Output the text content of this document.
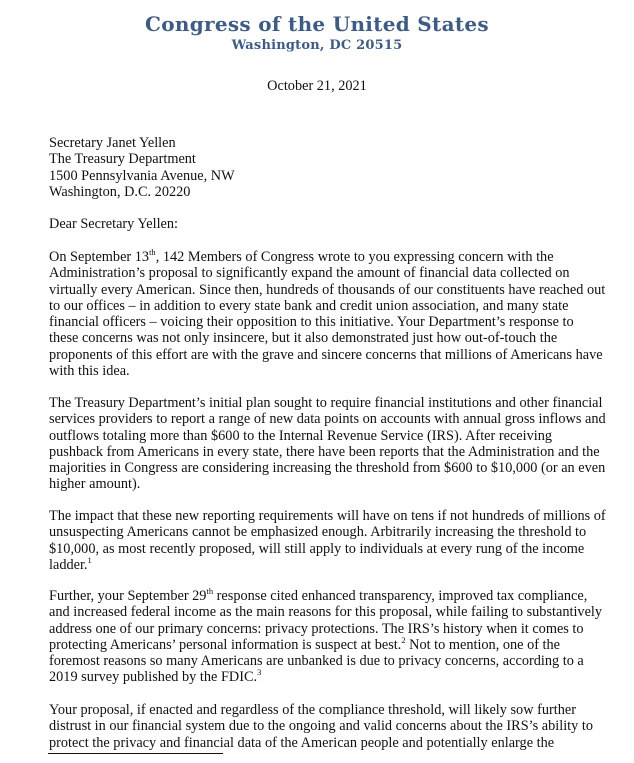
Congress of the United States
Washington, DC 20515
October 21, 2021
Secretary Janet Yellen
The Treasury Department
1500 Pennsylvania Avenue, NW
Washington, D.C. 20220
Dear Secretary Yellen:
On September 13th, 142 Members of Congress wrote to you expressing concern with the
Administration’s proposal to significantly expand the amount of financial data collected on
virtually every American. Since then, hundreds of thousands of our constituents have reached out
to our offices – in addition to every state bank and credit union association, and many state
financial officers – voicing their opposition to this initiative. Your Department’s response to
these concerns was not only insincere, but it also demonstrated just how out-of-touch the
proponents of this effort are with the grave and sincere concerns that millions of Americans have
with this idea.
The Treasury Department’s initial plan sought to require financial institutions and other financial
services providers to report a range of new data points on accounts with annual gross inflows and
outflows totaling more than $600 to the Internal Revenue Service (IRS). After receiving
pushback from Americans in every state, there have been reports that the Administration and the
majorities in Congress are considering increasing the threshold from $600 to $10,000 (or an even
higher amount).
The impact that these new reporting requirements will have on tens if not hundreds of millions of
unsuspecting Americans cannot be emphasized enough. Arbitrarily increasing the threshold to
$10,000, as most recently proposed, will still apply to individuals at every rung of the income
ladder.$^1$
Further, your September 29th response cited enhanced transparency, improved tax compliance,
and increased federal income as the main reasons for this proposal, while failing to substantively
address one of our primary concerns: privacy protections. The IRS’s history when it comes to
protecting Americans’ personal information is suspect at best.$^2$ Not to mention, one of the
foremost reasons so many Americans are unbanked is due to privacy concerns, according to a
2019 survey published by the FDIC.$^3$
Your proposal, if enacted and regardless of the compliance threshold, will likely sow further
distrust in our financial system due to the ongoing and valid concerns about the IRS’s ability to
protect the privacy and financial data of the American people and potentially enlarge the
